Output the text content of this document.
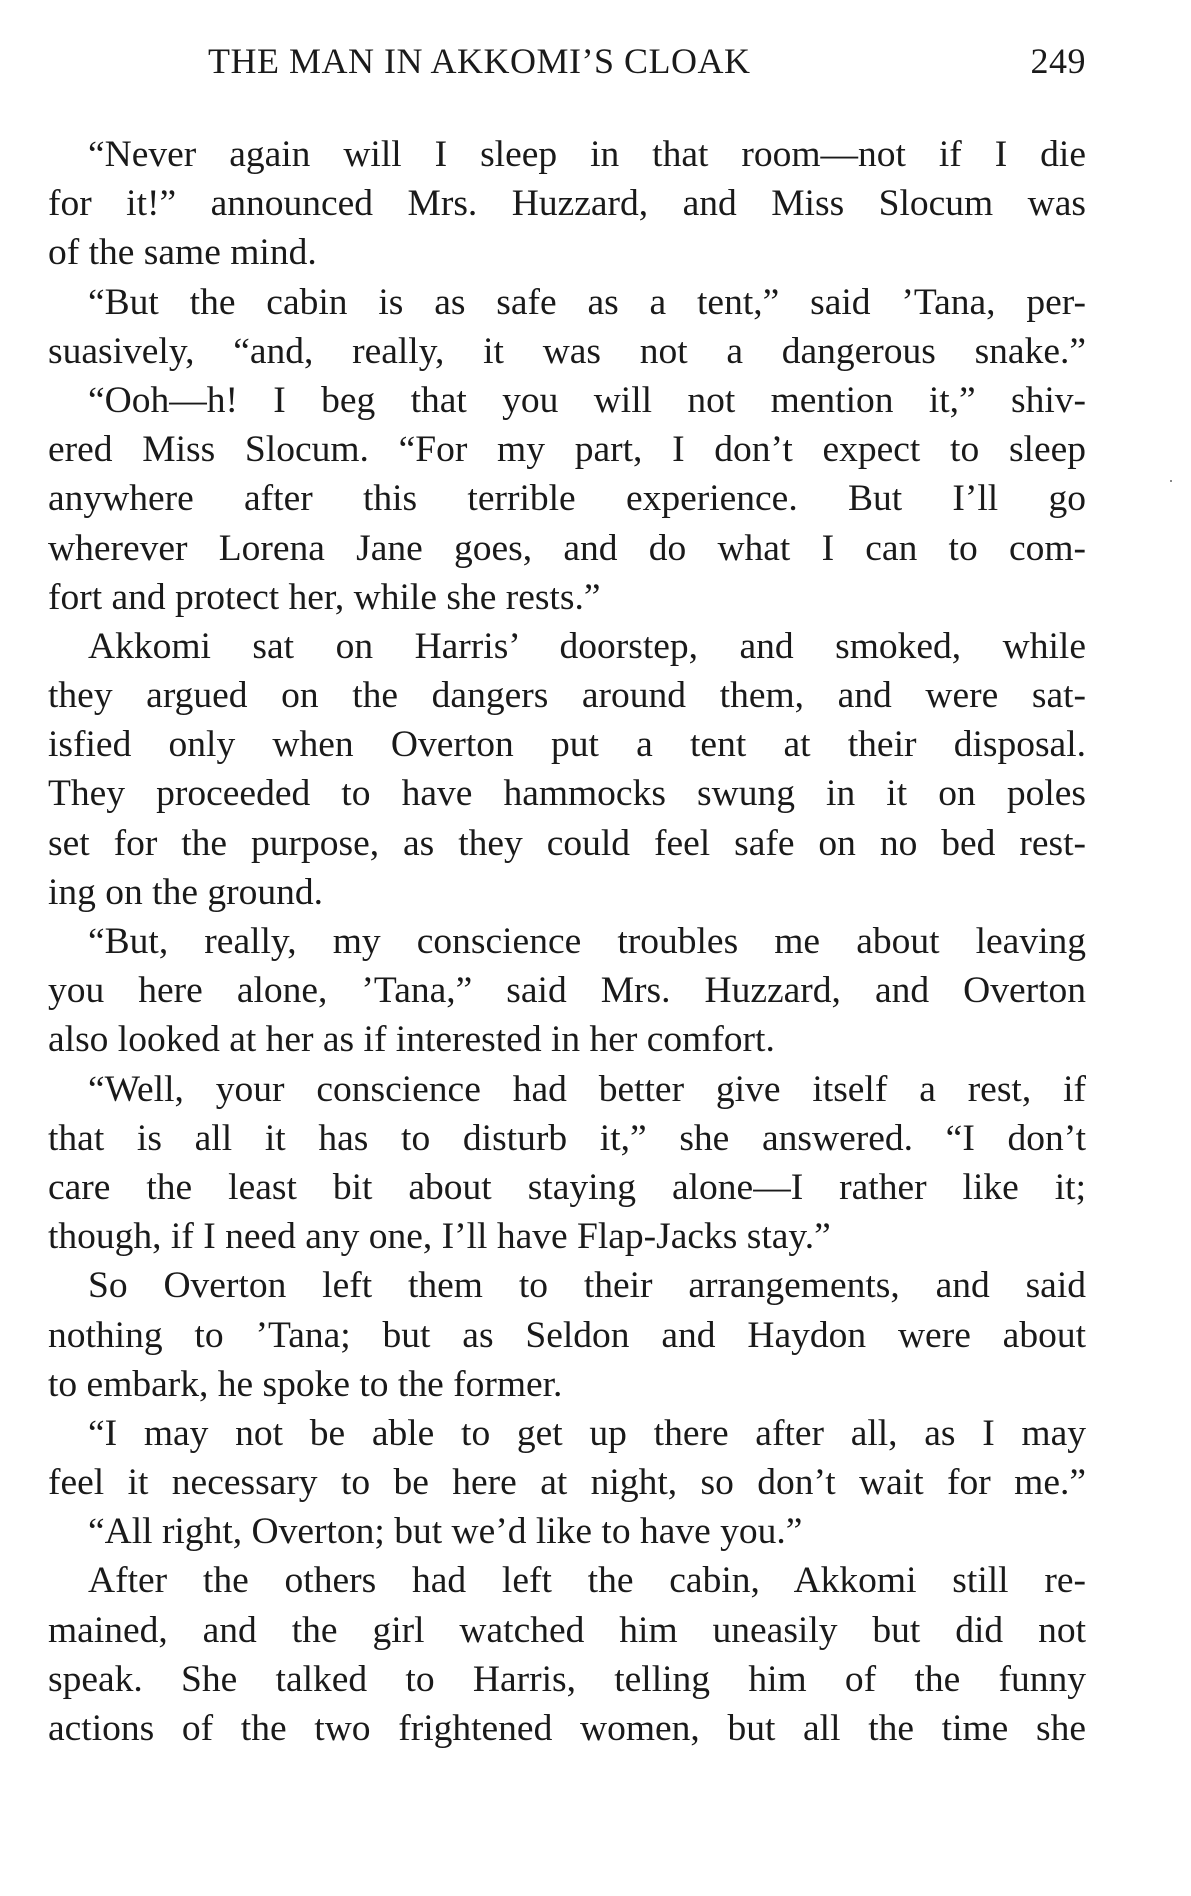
THE MAN IN AKKOMI’S CLOAK	249
“Never again will I sleep in that room—not if I die
for it!” announced Mrs. Huzzard, and Miss Slocum was
of the same mind.
“But the cabin is as safe as a tent,” said ’Tana, per-
suasively, “and, really, it was not a dangerous snake.”
“Ooh—h! I beg that you will not mention it,” shiv-
ered Miss Slocum. “For my part, I don’t expect to sleep
anywhere after this terrible experience. But I’ll go
wherever Lorena Jane goes, and do what I can to com-
fort and protect her, while she rests.”
Akkomi sat on Harris’ doorstep, and smoked, while
they argued on the dangers around them, and were sat-
isfied only when Overton put a tent at their disposal.
They proceeded to have hammocks swung in it on poles
set for the purpose, as they could feel safe on no bed rest-
ing on the ground.
“But, really, my conscience troubles me about leaving
you here alone, ’Tana,” said Mrs. Huzzard, and Overton
also looked at her as if interested in her comfort.
“Well, your conscience had better give itself a rest, if
that is all it has to disturb it,” she answered. “I don’t
care the least bit about staying alone—I rather like it;
though, if I need any one, I’ll have Flap-Jacks stay.”
So Overton left them to their arrangements, and said
nothing to ’Tana; but as Seldon and Haydon were about
to embark, he spoke to the former.
“I may not be able to get up there after all, as I may
feel it necessary to be here at night, so don’t wait for me.”
“All right, Overton; but we’d like to have you.”
After the others had left the cabin, Akkomi still re-
mained, and the girl watched him uneasily but did not
speak. She talked to Harris, telling him of the funny
actions of the two frightened women, but all the time she
